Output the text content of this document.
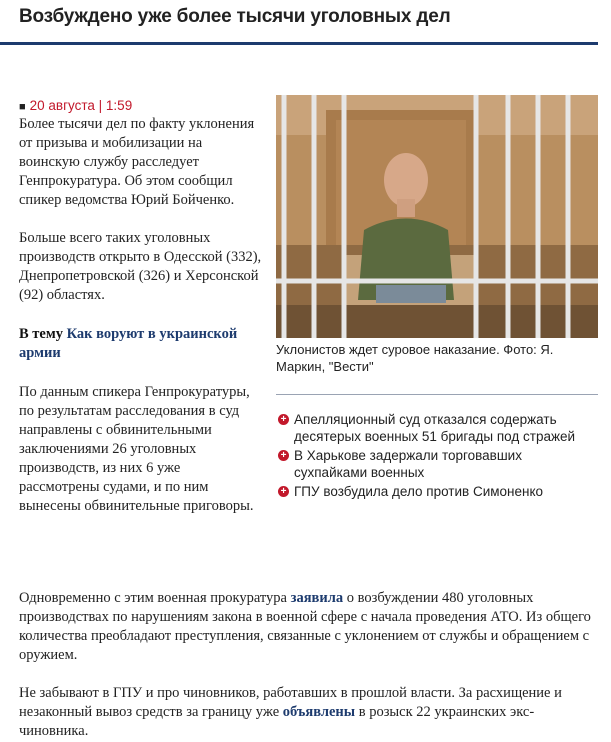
Возбуждено уже более тысячи уголовных дел
■ 20 августа | 1:59

Более тысячи дел по факту уклонения от призыва и мобилизации на воинскую службу расследует Генпрокуратура. Об этом сообщил спикер ведомства Юрий Бойченко.

Больше всего таких уголовных производств открыто в Одесской (332), Днепропетровской (326) и Херсонской (92) областях.

В тему Как воруют в украинской армии

По данным спикера Генпрокуратуры, по результатам расследования в суд направлены с обвинительными заключениями 26 уголовных производств, из них 6 уже рассмотрены судами, и по ним вынесены обвинительные приговоры.

Уклонистов ждет суровое наказание. Фото: Я. Маркин, "Вести"
+ Апелляционный суд отказался содержать десятерых военных 51 бригады под стражей
+ В Харькове задержали торговавших сухпайками военных
+ ГПУ возбудила дело против Симоненко

Одновременно с этим военная прокуратура заявила о возбуждении 480 уголовных производствах по нарушениям закона в военной сфере с начала проведения АТО. Из общего количества преобладают преступления, связанные с уклонением от службы и обращением с оружием.

Не забывают в ГПУ и про чиновников, работавших в прошлой власти. За расхищение и незаконный вывоз средств за границу уже объявлены в розыск 22 украинских экс-чиновника.
